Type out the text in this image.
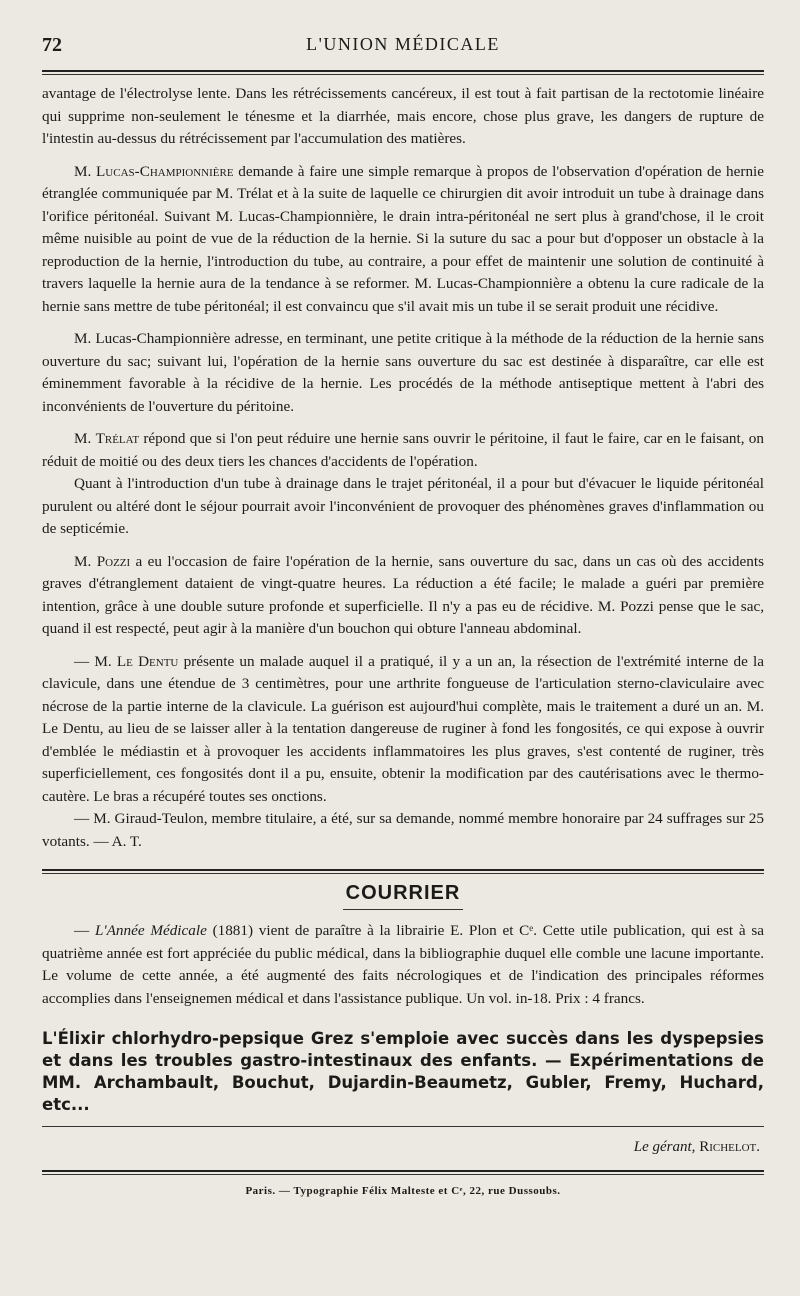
72	L'UNION MÉDICALE

avantage de l'électrolyse lente. Dans les rétrécissements cancéreux, il est tout à fait partisan de la rectotomie linéaire qui supprime non-seulement le ténesme et la diarrhée, mais encore, chose plus grave, les dangers de rupture de l'intestin au-dessus du rétrécissement par l'accumulation des matières.

M. Lucas-Championnière demande à faire une simple remarque à propos de l'observation d'opération de hernie étranglée communiquée par M. Trélat et à la suite de laquelle ce chirurgien dit avoir introduit un tube à drainage dans l'orifice péritonéal. Suivant M. Lucas-Championnière, le drain intra-péritonéal ne sert plus à grand'chose, il le croit même nuisible au point de vue de la réduction de la hernie. Si la suture du sac a pour but d'opposer un obstacle à la reproduction de la hernie, l'introduction du tube, au contraire, a pour effet de maintenir une solution de continuité à travers laquelle la hernie aura de la tendance à se reformer. M. Lucas-Championnière a obtenu la cure radicale de la hernie sans mettre de tube péritonéal; il est convaincu que s'il avait mis un tube il se serait produit une récidive.

M. Lucas-Championnière adresse, en terminant, une petite critique à la méthode de la réduction de la hernie sans ouverture du sac; suivant lui, l'opération de la hernie sans ouverture du sac est destinée à disparaître, car elle est éminemment favorable à la récidive de la hernie. Les procédés de la méthode antiseptique mettent à l'abri des inconvénients de l'ouverture du péritoine.

M. Trélat répond que si l'on peut réduire une hernie sans ouvrir le péritoine, il faut le faire, car en le faisant, on réduit de moitié ou des deux tiers les chances d'accidents de l'opération.

Quant à l'introduction d'un tube à drainage dans le trajet péritonéal, il a pour but d'évacuer le liquide péritonéal purulent ou altéré dont le séjour pourrait avoir l'inconvénient de provoquer des phénomènes graves d'inflammation ou de septicémie.

M. Pozzi a eu l'occasion de faire l'opération de la hernie, sans ouverture du sac, dans un cas où des accidents graves d'étranglement dataient de vingt-quatre heures. La réduction a été facile; le malade a guéri par première intention, grâce à une double suture profonde et superficielle. Il n'y a pas eu de récidive. M. Pozzi pense que le sac, quand il est respecté, peut agir à la manière d'un bouchon qui obture l'anneau abdominal.

— M. Le Dentu présente un malade auquel il a pratiqué, il y a un an, la résection de l'extrémité interne de la clavicule, dans une étendue de 3 centimètres, pour une arthrite fongueuse de l'articulation sterno-claviculaire avec nécrose de la partie interne de la clavicule. La guérison est aujourd'hui complète, mais le traitement a duré un an. M. Le Dentu, au lieu de se laisser aller à la tentation dangereuse de ruginer à fond les fongosités, ce qui expose à ouvrir d'emblée le médiastin et à provoquer les accidents inflammatoires les plus graves, s'est contenté de ruginer, très superficiellement, ces fongosités dont il a pu, ensuite, obtenir la modification par des cautérisations avec le thermo-cautère. Le bras a récupéré toutes ses onctions.

— M. Giraud-Teulon, membre titulaire, a été, sur sa demande, nommé membre honoraire par 24 suffrages sur 25 votants. — A. T.

COURRIER

— L'Année Médicale (1881) vient de paraître à la librairie E. Plon et Cᵉ. Cette utile publication, qui est à sa quatrième année est fort appréciée du public médical, dans la bibliographie duquel elle comble une lacune importante. Le volume de cette année, a été augmenté des faits nécrologiques et de l'indication des principales réformes accomplies dans l'enseignemen médical et dans l'assistance publique. Un vol. in-18. Prix : 4 francs.

L'Élixir chlorhydro-pepsique Grez s'emploie avec succès dans les dyspepsies et dans les troubles gastro-intestinaux des enfants. — Expérimentations de MM. Archambault, Bouchut, Dujardin-Beaumetz, Gubler, Fremy, Huchard, etc...
Le gérant, Richelot.
Paris. — Typographie Félix Malteste et Cᵉ, 22, rue Dussoubs.
